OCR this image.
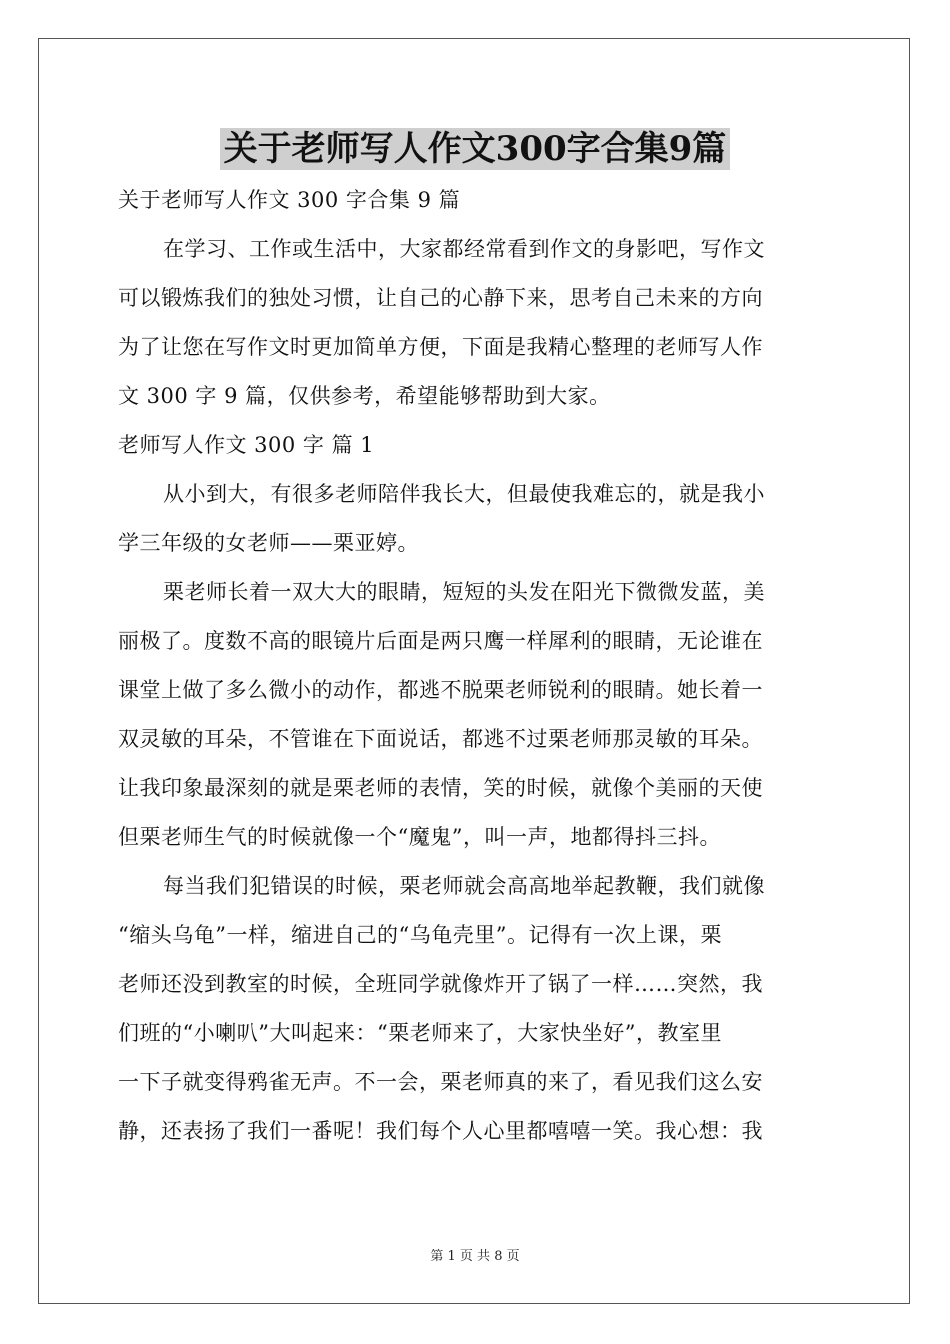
关于老师写人作文300字合集9篇
关于老师写人作文 300 字合集 9 篇
在学习、工作或生活中，大家都经常看到作文的身影吧，写作文
可以锻炼我们的独处习惯，让自己的心静下来，思考自己未来的方向
为了让您在写作文时更加简单方便，下面是我精心整理的老师写人作
文 300 字 9 篇，仅供参考，希望能够帮助到大家。
老师写人作文 300 字 篇 1
从小到大，有很多老师陪伴我长大，但最使我难忘的，就是我小
学三年级的女老师——栗亚婷。
栗老师长着一双大大的眼睛，短短的头发在阳光下微微发蓝，美
丽极了。度数不高的眼镜片后面是两只鹰一样犀利的眼睛，无论谁在
课堂上做了多么微小的动作，都逃不脱栗老师锐利的眼睛。她长着一
双灵敏的耳朵，不管谁在下面说话，都逃不过栗老师那灵敏的耳朵。
让我印象最深刻的就是栗老师的表情，笑的时候，就像个美丽的天使
但栗老师生气的时候就像一个“魔鬼”，叫一声，地都得抖三抖。
每当我们犯错误的时候，栗老师就会高高地举起教鞭，我们就像
“缩头乌龟”一样，缩进自己的“乌龟壳里”。记得有一次上课，栗
老师还没到教室的时候，全班同学就像炸开了锅了一样……突然，我
们班的“小喇叭”大叫起来：“栗老师来了，大家快坐好”，教室里
一下子就变得鸦雀无声。不一会，栗老师真的来了，看见我们这么安
静，还表扬了我们一番呢！我们每个人心里都嘻嘻一笑。我心想：我
第 1 页 共 8 页
